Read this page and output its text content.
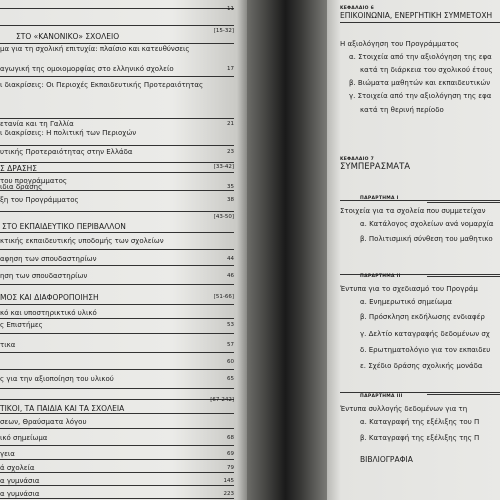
11
[15-32]
ΣΤΟ «ΚΑΝΟΝΙΚΟ» ΣΧΟΛΕΙΟ
μα για τη σχολική επιτυχία: πλαίσιο και κατευθύνσεις
αγωγική της ομοιομορφίας στο ελληνικό σχολείο	17
ι διακρίσεις: Οι Περιοχές Εκπαιδευτικής Προτεραιότητας
ετανία και τη Γαλλία	21
ι διακρίσεις: Η πολιτική των Περιοχών
υτικής Προτεραιότητας στην Ελλάδα	23
[33-42]
Σ ΔΡΑΣΗΣ
του προγράμματος
ιδια δράσης	35
ξη του Προγράμματος	38
[43-50]
ΣΤΟ ΕΚΠΑΙΔΕΥΤΙΚΟ ΠΕΡΙΒΑΛΛΟΝ
κτικής εκπαιδευτικής υποδομής των σχολείων
αφηση των σπουδαστηρίων	44
ηση των σπουδαστηρίων	46
[51-66]
ΜΟΣ ΚΑΙ ΔΙΑΦΟΡΟΠΟΙΗΣΗ
κό και υποστηρικτικό υλικό
ς Επιστήμες	53
τικα	57
60
ς για την αξιοποίηση του υλικού	65
[67-242]
ΤΙΚΟΙ, ΤΑ ΠΑΙΔΙΑ ΚΑΙ ΤΑ ΣΧΟΛΕΙΑ
σεων, Θραύσματα λόγου
ικό σημείωμα	68
γεια	69
ά σχολεία	79
α γυμνάσια	145
α γυμνάσια	223
ΚΕΦΑΛΑΙΟ 6
ΕΠΙΚΟΙΝΩΝΙΑ, ΕΝΕΡΓΗΤΙΚΗ ΣΥΜΜΕΤΟΧΗ
Η αξιολόγηση του Προγράμματος
α. Στοιχεία από την αξιολόγηση της εφα
κατά τη διάρκεια του σχολικού έτους
β. Βιώματα μαθητών και εκπαιδευτικών
γ. Στοιχεία από την αξιολόγηση της εφα
κατά τη θερινή περίοδο
ΚΕΦΑΛΑΙΟ 7
ΣΥΜΠΕΡΑΣΜΑΤΑ
ΠΑΡΑΡΤΗΜΑ Ι
Στοιχεία για τα σχολεία που συμμετείχαν
α. Κατάλογος σχολείων ανά νομαρχία
β. Πολιτισμική σύνθεση του μαθητικο
ΠΑΡΑΡΤΗΜΑ ΙΙ
Έντυπα για το σχεδιασμό του Προγράμ
α. Ενημερωτικό σημείωμα
β. Πρόσκληση εκδήλωσης ενδιαφέρ
γ. Δελτίο καταγραφής δεδομένων σχ
δ. Ερωτηματολόγιο για τον εκπαιδευ
ε. Σχέδιο δράσης σχολικής μονάδα
ΠΑΡΑΡΤΗΜΑ ΙΙΙ
Έντυπα συλλογής δεδομένων για τη
α. Καταγραφή της εξέλιξης του Π
β. Καταγραφή της εξέλιξης της Π
ΒΙΒΛΙΟΓΡΑΦΙΑ
